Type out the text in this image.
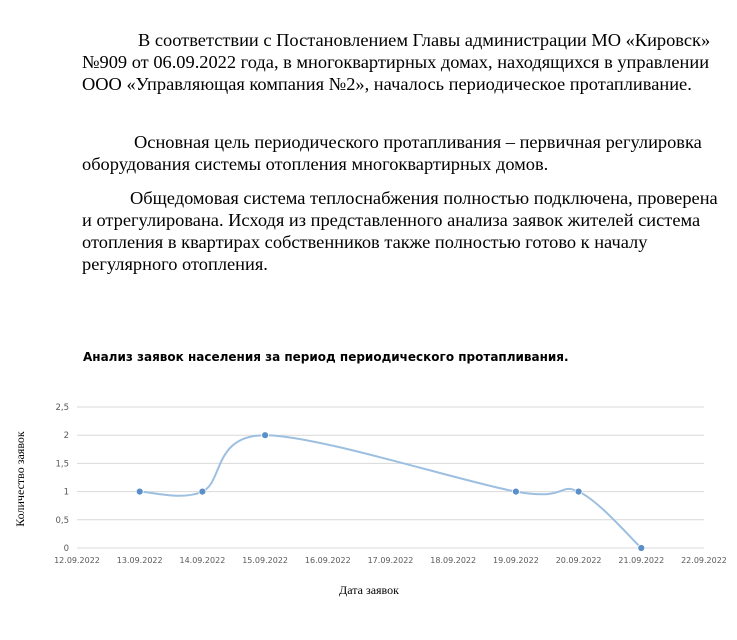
В соответствии с Постановлением Главы администрации МО «Кировск» №909 от 06.09.2022 года, в многоквартирных домах, находящихся в управлении ООО «Управляющая компания №2», началось периодическое протапливание.

Основная цель периодического протапливания – первичная регулировка оборудования системы отопления многоквартирных домов.

Общедомовая система теплоснабжения полностью подключена, проверена и отрегулирована. Исходя из представленного анализа заявок жителей система отопления в квартирах собственников также полностью готово к началу регулярного отопления.

Анализ заявок населения за период периодического протапливания.
0
0,5
1
1,5
2
2,5
12.09.2022 13.09.2022 14.09.2022 15.09.2022 16.09.2022 17.09.2022 18.09.2022 19.09.2022 20.09.2022 21.09.2022 22.09.2022
Количество заявок
Дата заявок
